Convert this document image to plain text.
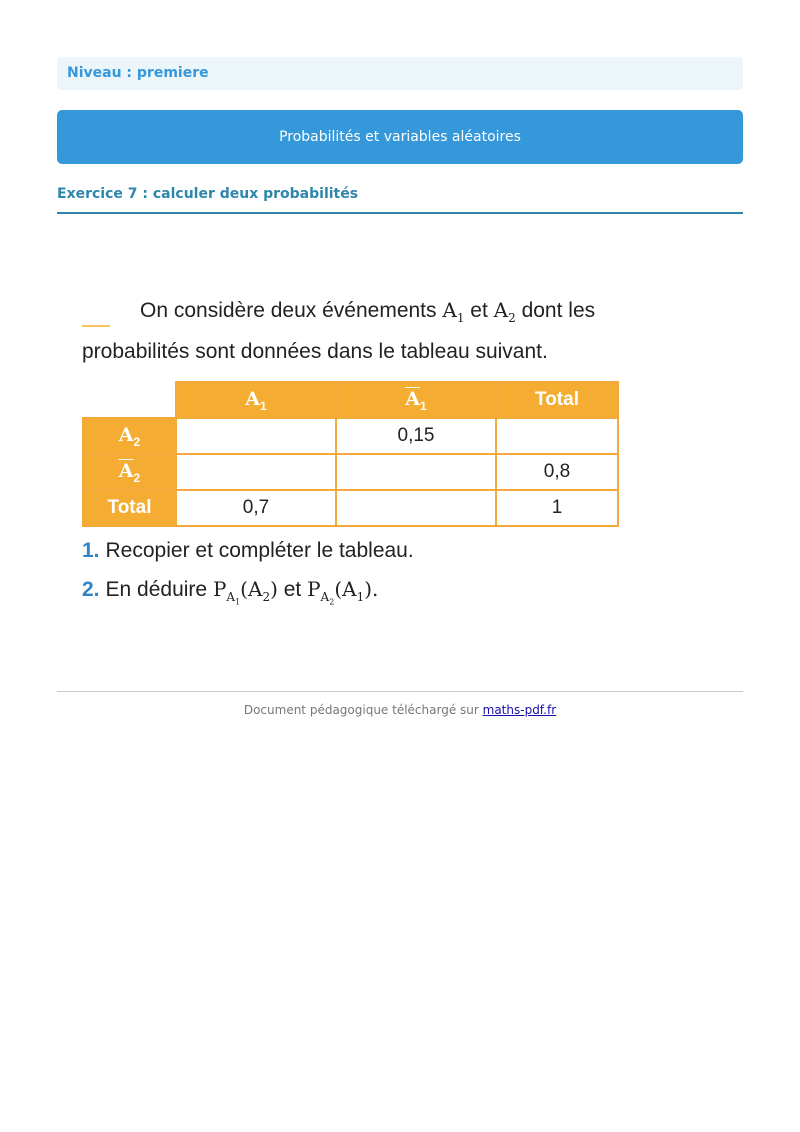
Niveau : premiere
Probabilités et variables aléatoires
Exercice 7 : calculer deux probabilités

On considère deux événements $A_1$ et $A_2$ dont les probabilités sont données dans le tableau suivant.

	$A_1$	$\overline{A}_1$	Total
$A_2$		0,15	
$\overline{A}_2$			0,8
Total	0,7		1

1. Recopier et compléter le tableau.

2. En déduire $P_{A_1}(A_2)$ et $P_{A_2}(A_1)$.

Document pédagogique téléchargé sur maths-pdf.fr
